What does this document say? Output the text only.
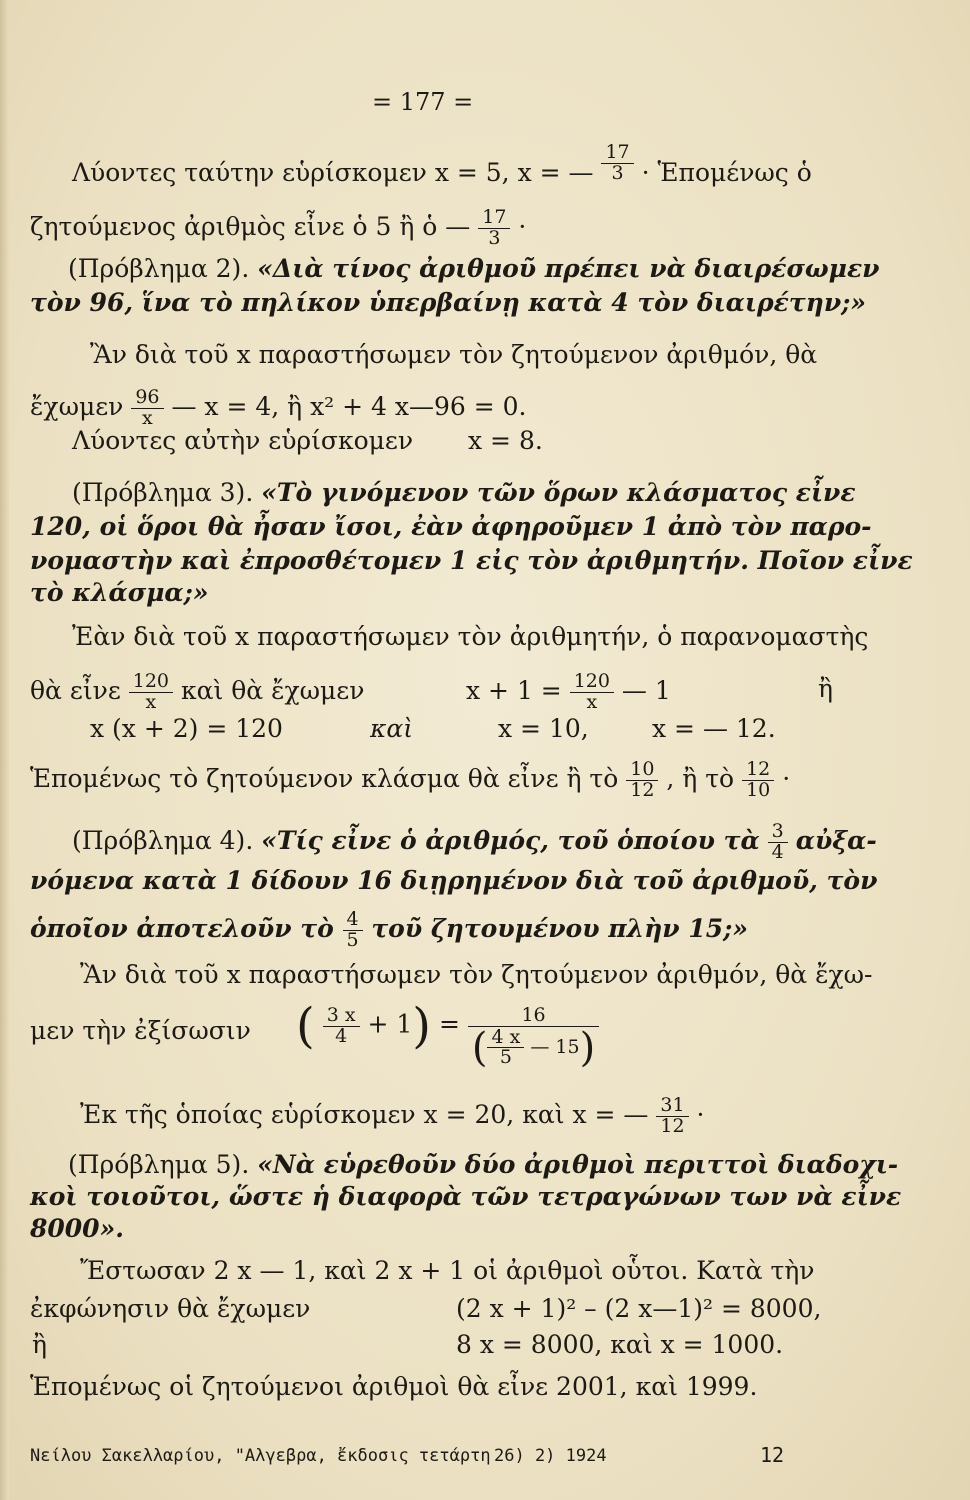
= 177 =
Λύοντες ταύτην εὑρίσκομεν x = 5, x = — $\frac{17}{3}$ · Ἑπομένως ὁ
ζητούμενος ἀριθμὸς εἶνε ὁ 5 ἢ ὁ — $\frac{17}{3}$ ·
(Πρόβλημα 2). «Διὰ τίνος ἀριθμοῦ πρέπει νὰ διαιρέσωμεν
τὸν 96, ἵνα τὸ πηλίκον ὑπερβαίνῃ κατὰ 4 τὸν διαιρέτην;»
Ἂν διὰ τοῦ x παραστήσωμεν τὸν ζητούμενον ἀριθμόν, θὰ
ἔχωμεν $\frac{96}{x}$ — x = 4, ἢ x² + 4 x—96 = 0.
Λύοντες αὐτὴν εὑρίσκομεν x = 8.
(Πρόβλημα 3). «Τὸ γινόμενον τῶν ὅρων κλάσματος εἶνε
120, οἱ ὅροι θὰ ἦσαν ἴσοι, ἐὰν ἀφηροῦμεν 1 ἀπὸ τὸν παρο-
νομαστὴν καὶ ἐπροσθέτομεν 1 εἰς τὸν ἀριθμητήν. Ποῖον εἶνε
τὸ κλάσμα;»
Ἐὰν διὰ τοῦ x παραστήσωμεν τὸν ἀριθμητήν, ὁ παρανομαστὴς
θὰ εἶνε $\frac{120}{x}$ καὶ θὰ ἔχωμεν	$x + 1 = \frac{120}{x}$ — 1	ἢ
x (x + 2) = 120	καὶ	x = 10,	x = — 12.
Ἑπομένως τὸ ζητούμενον κλάσμα θὰ εἶνε ἢ τὸ $\frac{10}{12}$ , ἢ τὸ $\frac{12}{10}$ ·
(Πρόβλημα 4). «Τίς εἶνε ὁ ἀριθμός, τοῦ ὁποίου τὰ $\frac{3}{4}$ αὐξα-
νόμενα κατὰ 1 δίδουν 16 διῃρημένον διὰ τοῦ ἀριθμοῦ, τὸν
ὁποῖον ἀποτελοῦν τὸ $\frac{4}{5}$ τοῦ ζητουμένου πλὴν 15;»
Ἂν διὰ τοῦ x παραστήσωμεν τὸν ζητούμενον ἀριθμόν, θὰ ἔχω-
μεν τὴν ἐξίσωσιν ( $\frac{3 x}{4} + 1) = \frac{16}{( \frac{4 x}{5} — 15)}$
Ἐκ τῆς ὁποίας εὑρίσκομεν x = 20, καὶ x = — $\frac{31}{12}$ ·
(Πρόβλημα 5). «Νὰ εὑρεθοῦν δύο ἀριθμοὶ περιττοὶ διαδοχι-
κοὶ τοιοῦτοι, ὥστε ἡ διαφορὰ τῶν τετραγώνων των νὰ εἶνε
8000».
Ἔστωσαν 2 x — 1, καὶ 2 x + 1 οἱ ἀριθμοὶ οὗτοι. Κατὰ τὴν
ἐκφώνησιν θὰ ἔχωμεν	(2 x + 1)² – (2 x—1)² = 8000,
ἢ	8 x = 8000, καὶ x = 1000.
Ἑπομένως οἱ ζητούμενοι ἀριθμοὶ θὰ εἶνε 2001, καὶ 1999.
Νείλου Σακελλαρίου, "Αλγεβρα, ἔκδοσις τετάρτη 26) 2) 1924	12
